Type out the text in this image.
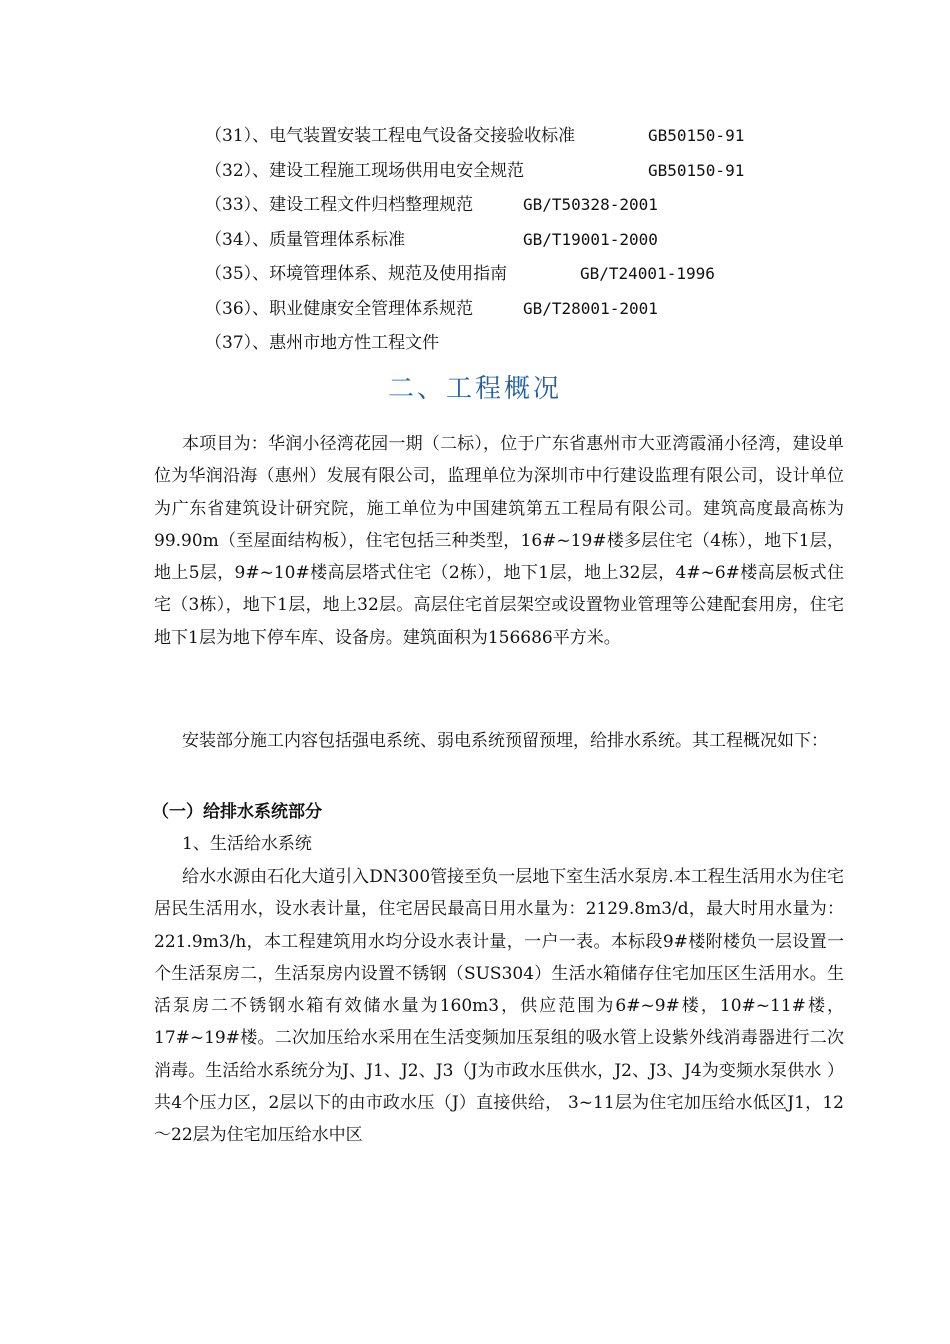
（31）、电气装置安装工程电气设备交接验收标准	GB50150-91
（32）、建设工程施工现场供用电安全规范	GB50150-91
（33）、建设工程文件归档整理规范	GB/T50328-2001
（34）、质量管理体系标准	GB/T19001-2000
（35）、环境管理体系、规范及使用指南	GB/T24001-1996
（36）、职业健康安全管理体系规范	GB/T28001-2001
（37）、惠州市地方性工程文件
二、工程概况

本项目为：华润小径湾花园一期（二标），位于广东省惠州市大亚湾霞涌小径湾，建设单位为华润沿海（惠州）发展有限公司，监理单位为深圳市中行建设监理有限公司，设计单位为广东省建筑设计研究院，施工单位为中国建筑第五工程局有限公司。建筑高度最高栋为99.90m（至屋面结构板），住宅包括三种类型，16#~19#楼多层住宅（4栋），地下1层，地上5层，9#~10#楼高层塔式住宅（2栋），地下1层，地上32层，4#~6#楼高层板式住宅（3栋），地下1层，地上32层。高层住宅首层架空或设置物业管理等公建配套用房，住宅地下1层为地下停车库、设备房。建筑面积为156686平方米。

安装部分施工内容包括强电系统、弱电系统预留预埋，给排水系统。其工程概况如下：

（一）给排水系统部分
1、生活给水系统

给水水源由石化大道引入DN300管接至负一层地下室生活水泵房.本工程生活用水为住宅居民生活用水，设水表计量，住宅居民最高日用水量为：2129.8m3/d，最大时用水量为：221.9m3/h，本工程建筑用水均分设水表计量，一户一表。本标段9#楼附楼负一层设置一个生活泵房二，生活泵房内设置不锈钢（SUS304）生活水箱储存住宅加压区生活用水。生活泵房二不锈钢水箱有效储水量为160m3，供应范围为6#~9#楼，10#~11#楼，17#~19#楼。二次加压给水采用在生活变频加压泵组的吸水管上设紫外线消毒器进行二次消毒。生活给水系统分为J、J1、J2、J3（J为市政水压供水，J2、J3、J4为变频水泵供水 ）共4个压力区，2层以下的由市政水压（J）直接供给， 3~11层为住宅加压给水低区J1，12～22层为住宅加压给水中区
